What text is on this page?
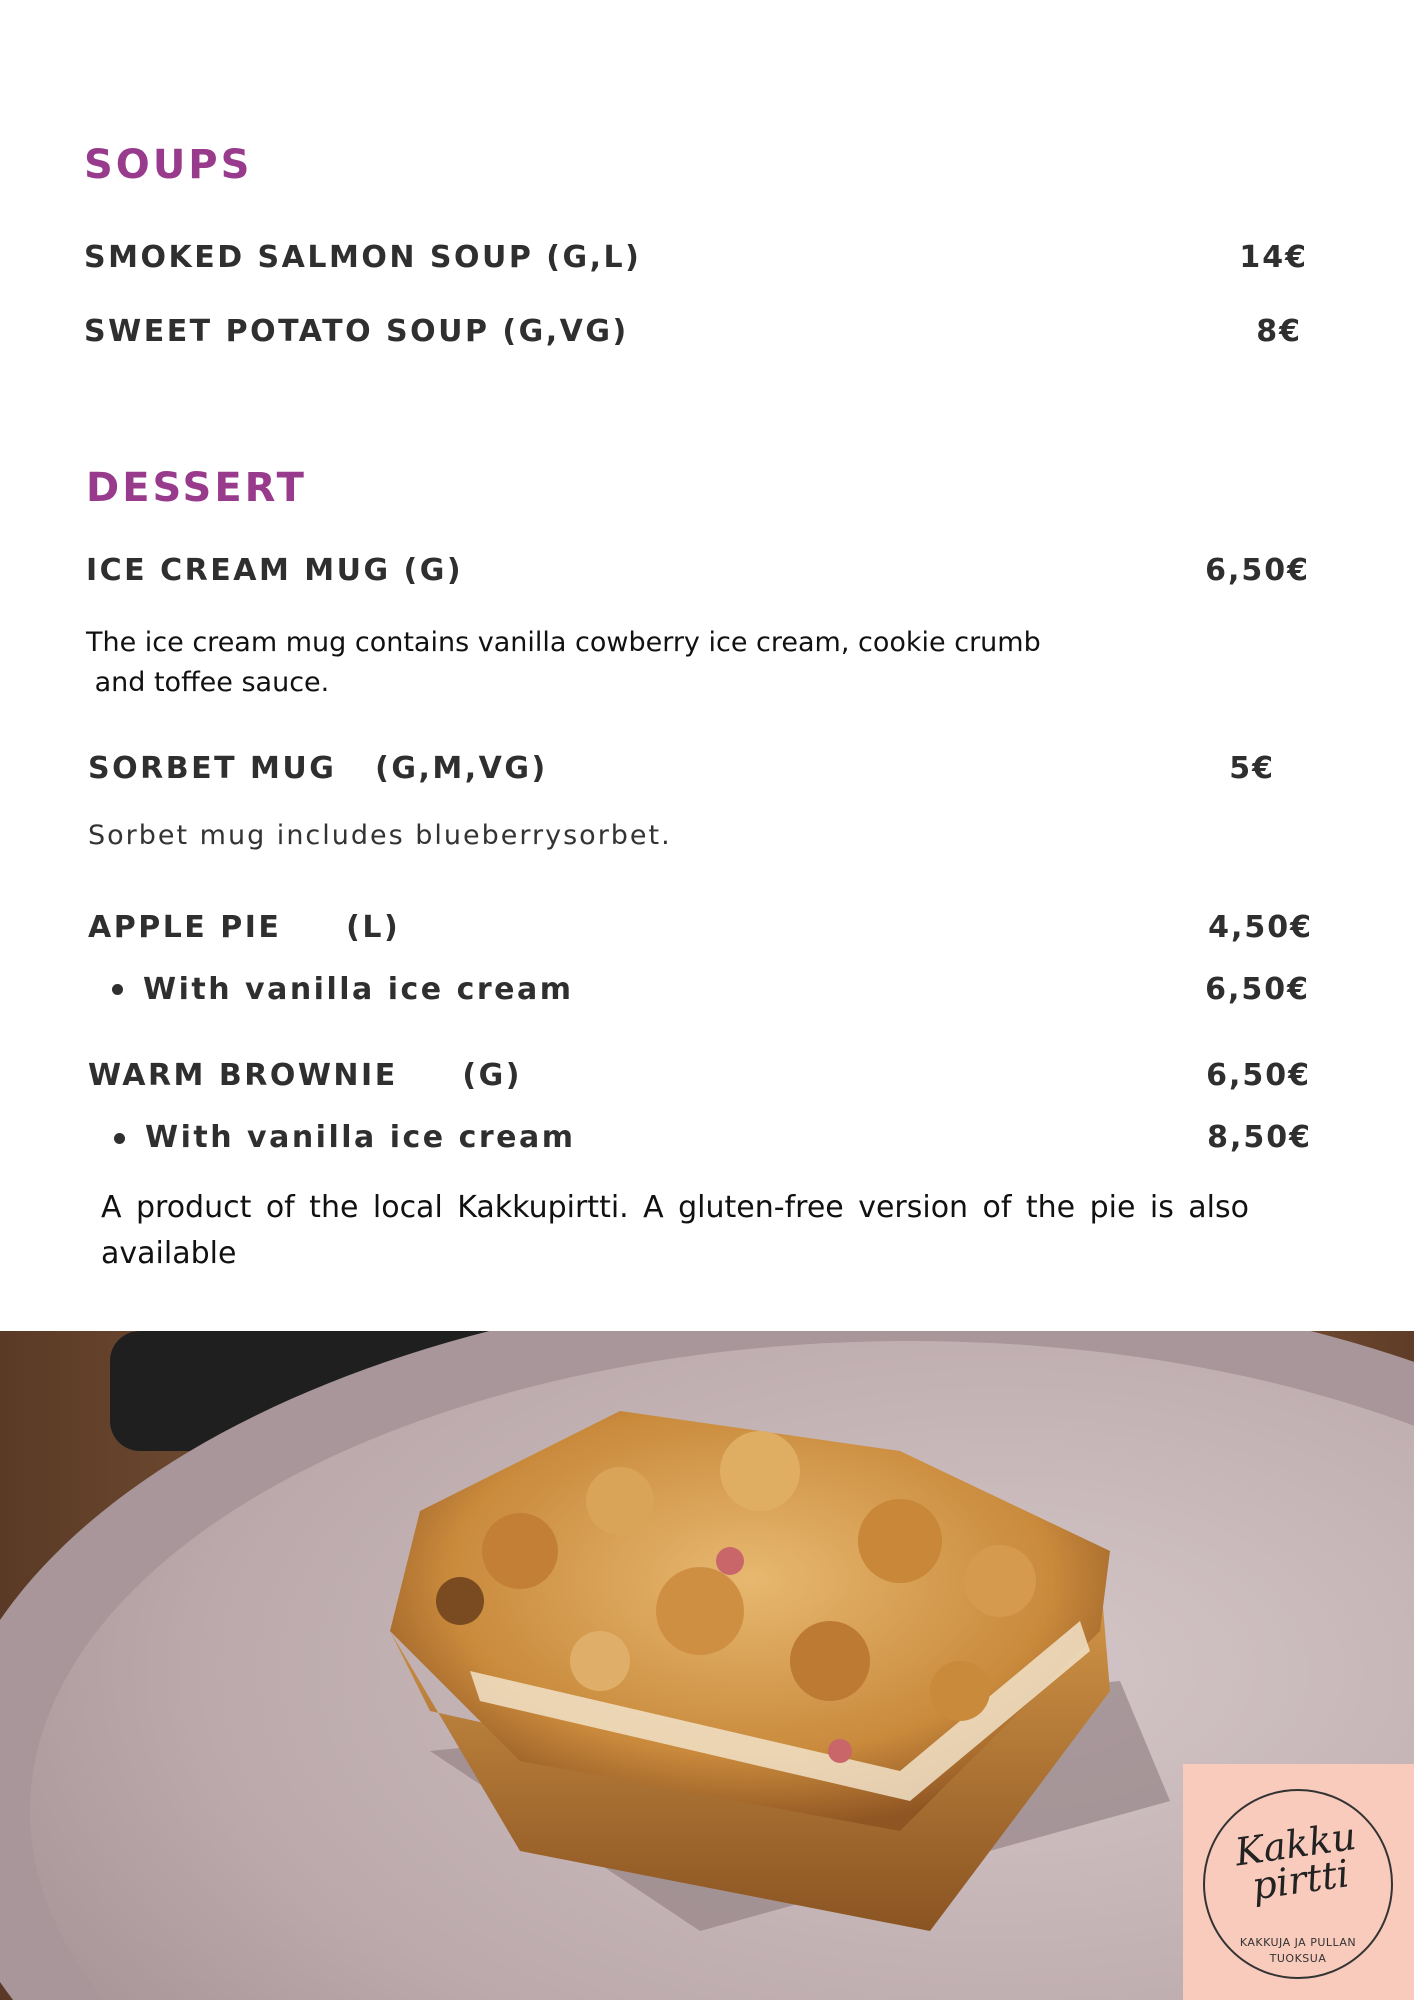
SOUPS
SMOKED SALMON SOUP (G,L)	14€
SWEET POTATO SOUP (G,VG)	8€
DESSERT
ICE CREAM MUG (G)	6,50€
The ice cream mug contains vanilla cowberry ice cream, cookie crumb
and toffee sauce.
SORBET MUG   (G,M,VG)	5€
Sorbet mug includes blueberrysorbet.
APPLE PIE     (L)	4,50€
With vanilla ice cream	6,50€
WARM BROWNIE     (G)	6,50€
With vanilla ice cream	8,50€
A product of the local Kakkupirtti. A gluten-free version of the pie is also available
Kakku pirtti
KAKKUJA JA PULLAN
TUOKSUA
